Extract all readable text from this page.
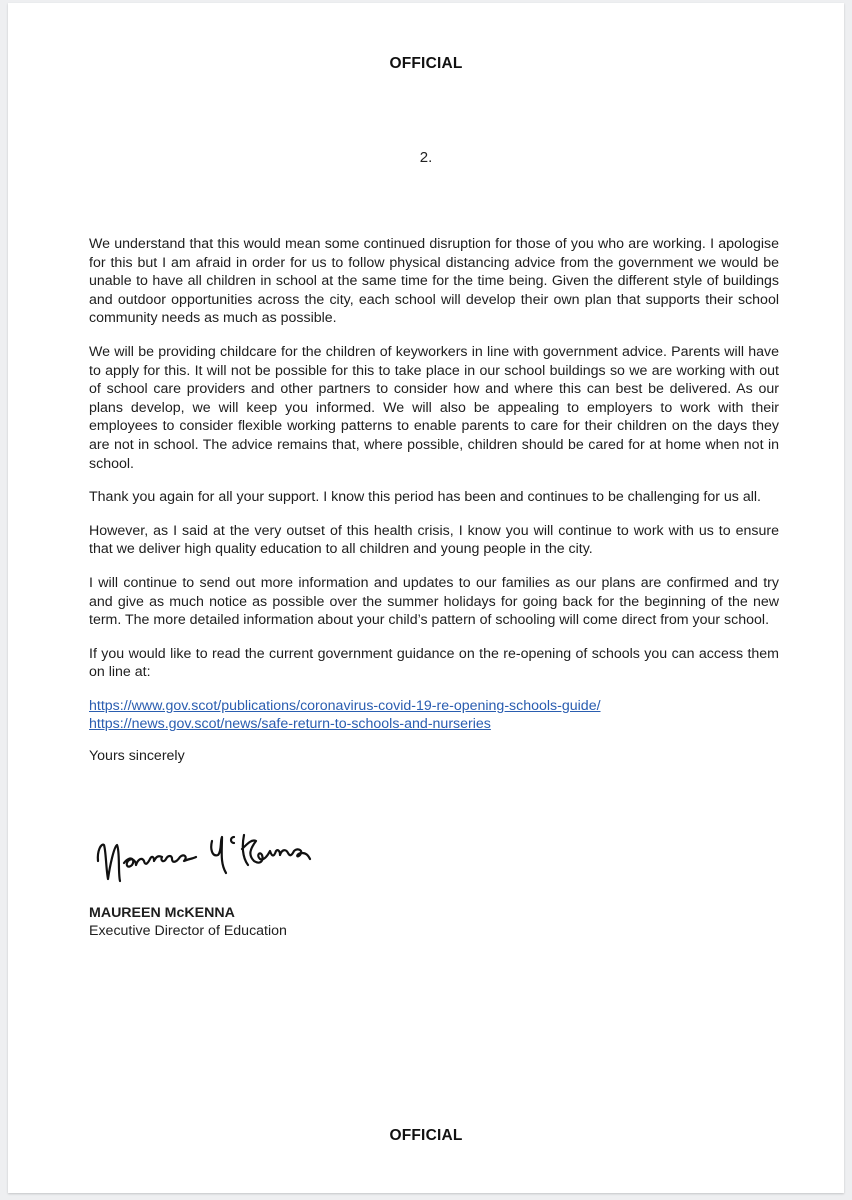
OFFICIAL
2.

We understand that this would mean some continued disruption for those of you who are working. I apologise for this but I am afraid in order for us to follow physical distancing advice from the government we would be unable to have all children in school at the same time for the time being. Given the different style of buildings and outdoor opportunities across the city, each school will develop their own plan that supports their school community needs as much as possible.

We will be providing childcare for the children of keyworkers in line with government advice. Parents will have to apply for this. It will not be possible for this to take place in our school buildings so we are working with out of school care providers and other partners to consider how and where this can best be delivered. As our plans develop, we will keep you informed. We will also be appealing to employers to work with their employees to consider flexible working patterns to enable parents to care for their children on the days they are not in school. The advice remains that, where possible, children should be cared for at home when not in school.

Thank you again for all your support. I know this period has been and continues to be challenging for us all.

However, as I said at the very outset of this health crisis, I know you will continue to work with us to ensure that we deliver high quality education to all children and young people in the city.

I will continue to send out more information and updates to our families as our plans are confirmed and try and give as much notice as possible over the summer holidays for going back for the beginning of the new term. The more detailed information about your child’s pattern of schooling will come direct from your school.

If you would like to read the current government guidance on the re-opening of schools you can access them on line at:

https://www.gov.scot/publications/coronavirus-covid-19-re-opening-schools-guide/
https://news.gov.scot/news/safe-return-to-schools-and-nurseries

Yours sincerely

MAUREEN McKENNA
Executive Director of Education
OFFICIAL
